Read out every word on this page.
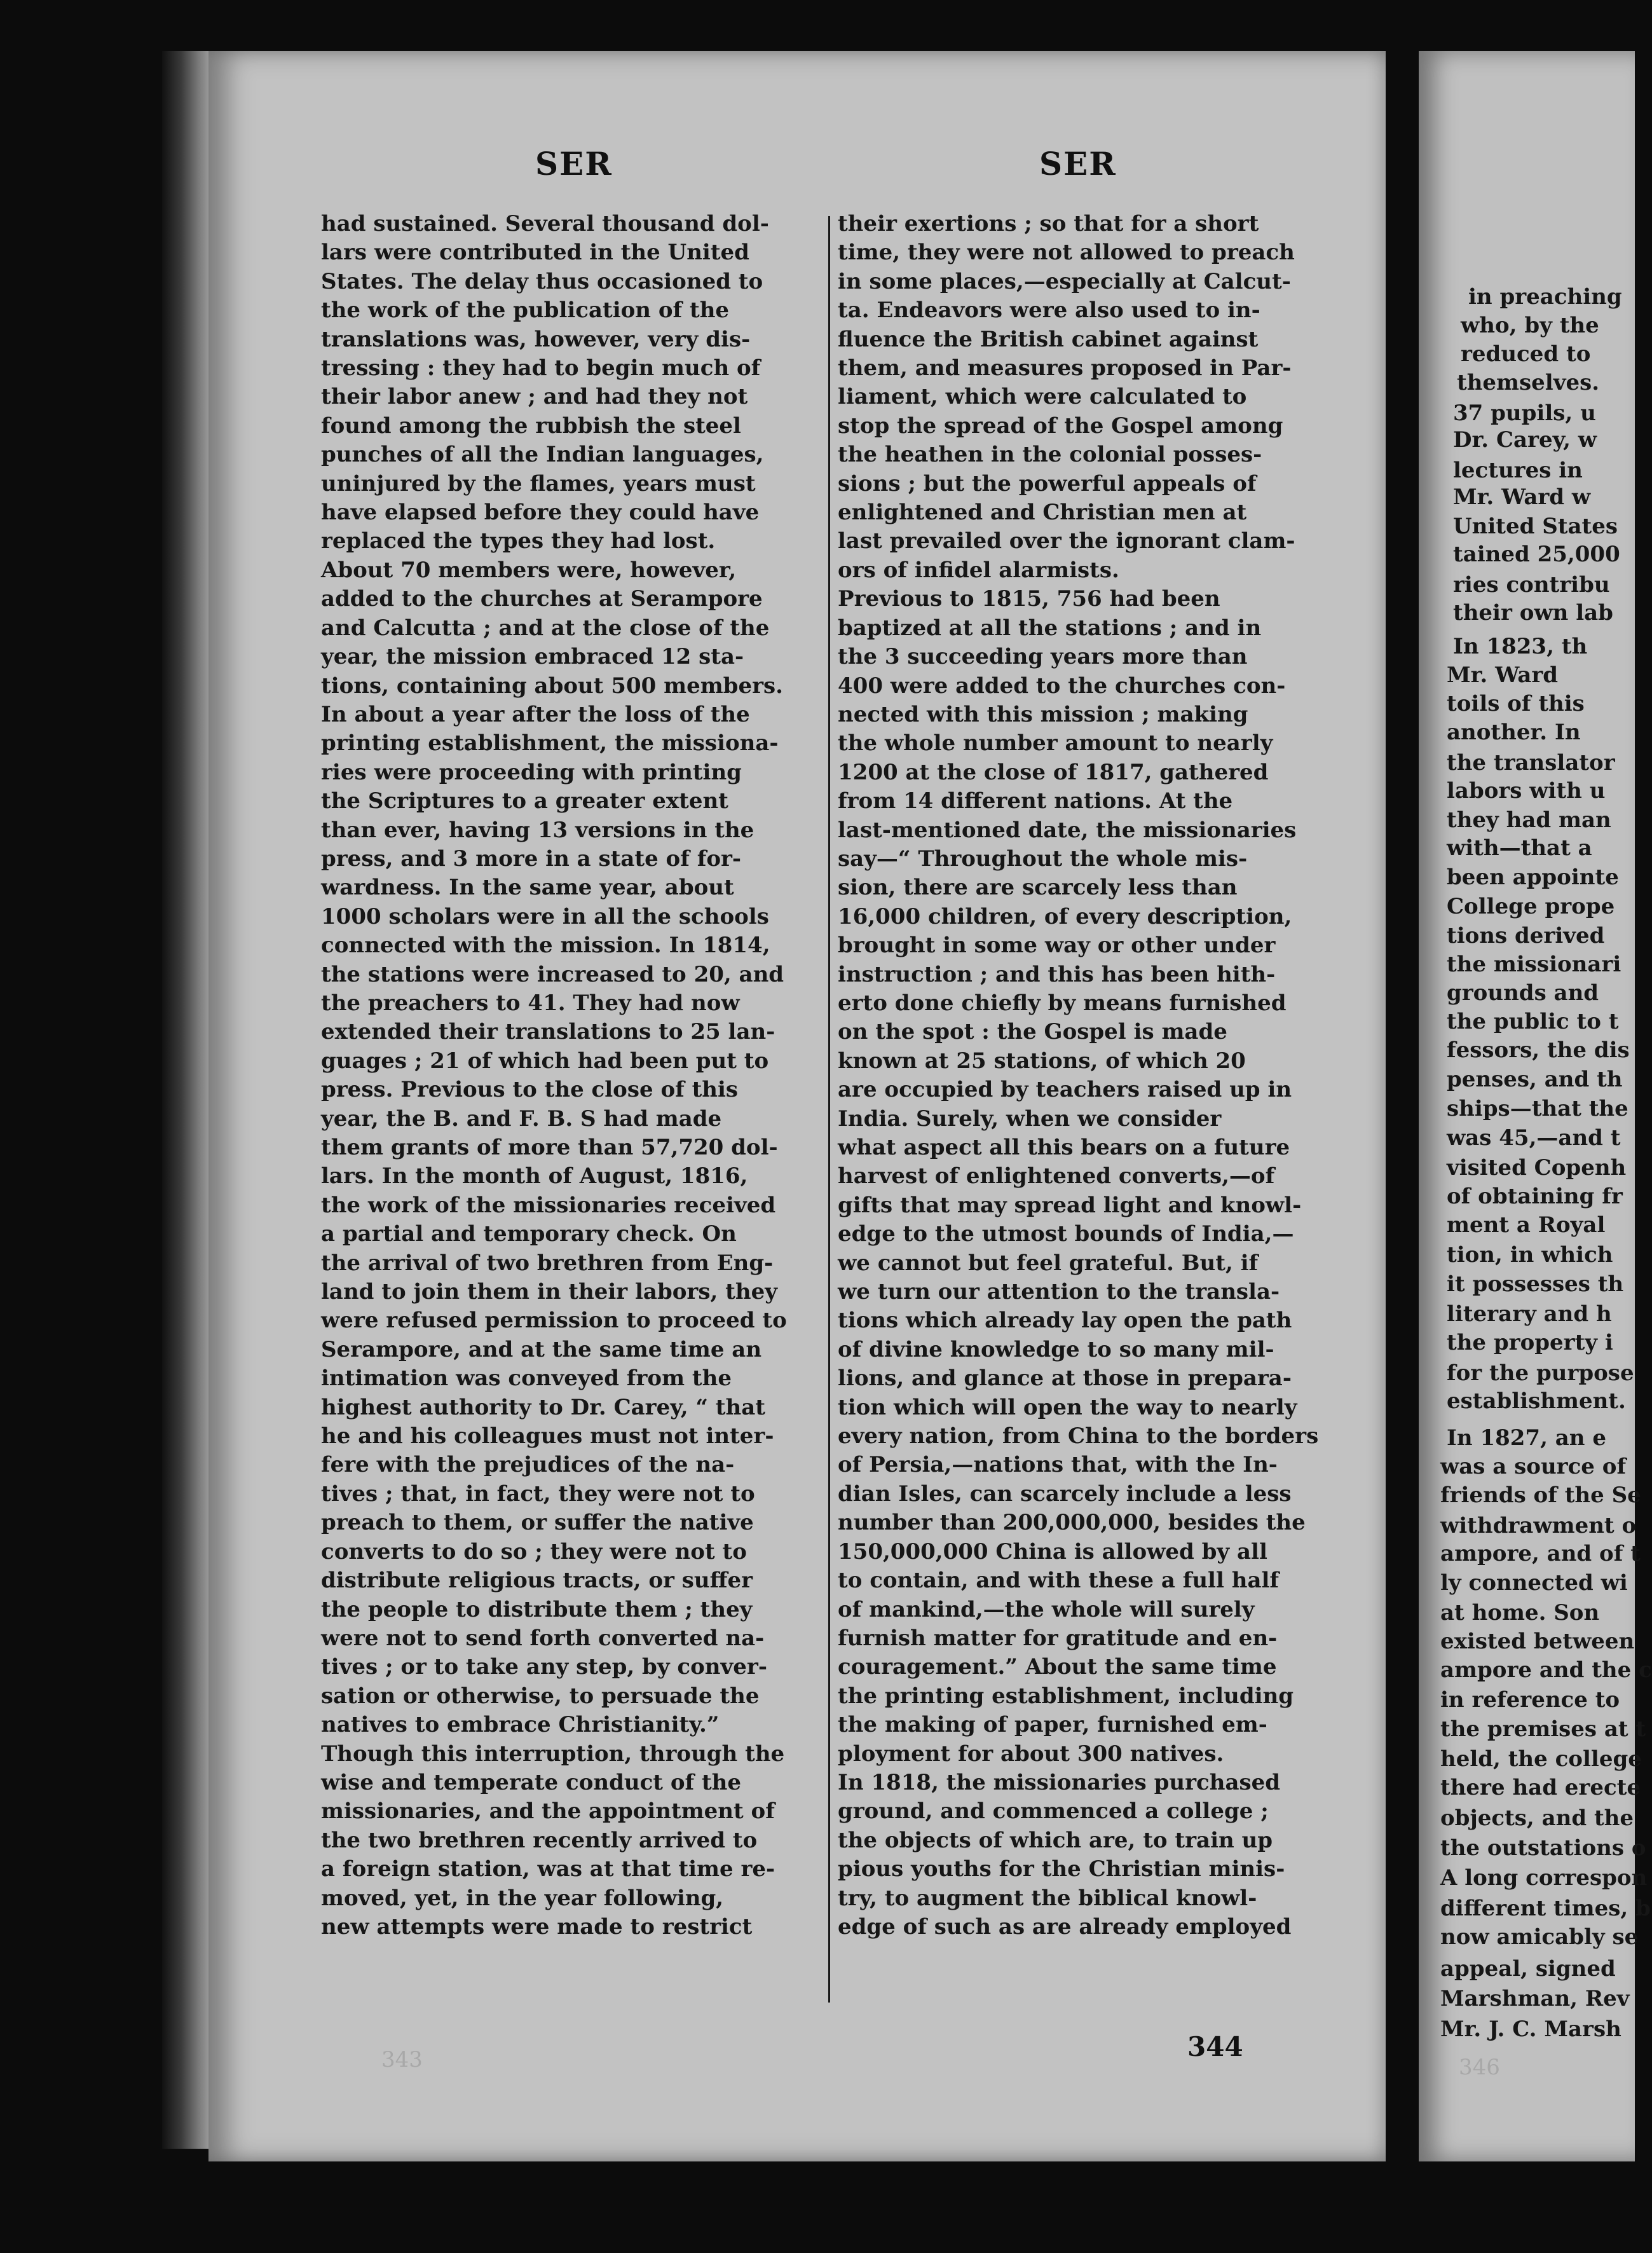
in preaching
who, by the
reduced to
themselves.
37 pupils, u
Dr. Carey, w
lectures in
Mr. Ward w
United States
tained 25,000
ries contribu
their own lab
In 1823, th
Mr. Ward
toils of this
another. In
the translator
labors with u
they had man
with—that a
been appointe
College prope
tions derived
the missionari
grounds and
the public to t
fessors, the dis
penses, and th
ships—that the
was 45,—and t
visited Copenh
of obtaining fr
ment a Royal
tion, in which
it possesses th
literary and h
the property i
for the purpose
establishment.
In 1827, an e
was a source of
friends of the Se
withdrawment o
ampore, and of t
ly connected wi
at home. Son
existed between
ampore and the c
in reference to
the premises at t
held, the college
there had erecte
objects, and the
the outstations o
A long correspon
different times, b
now amicably se
appeal, signed
Marshman, Rev
Mr. J. C. Marsh
SER	SER
had sustained. Several thousand dol-
lars were contributed in the United
States. The delay thus occasioned to
the work of the publication of the
translations was, however, very dis-
tressing : they had to begin much of
their labor anew ; and had they not
found among the rubbish the steel
punches of all the Indian languages,
uninjured by the flames, years must
have elapsed before they could have
replaced the types they had lost.
About 70 members were, however,
added to the churches at Serampore
and Calcutta ; and at the close of the
year, the mission embraced 12 sta-
tions, containing about 500 members.
In about a year after the loss of the
printing establishment, the missiona-
ries were proceeding with printing
the Scriptures to a greater extent
than ever, having 13 versions in the
press, and 3 more in a state of for-
wardness. In the same year, about
1000 scholars were in all the schools
connected with the mission. In 1814,
the stations were increased to 20, and
the preachers to 41. They had now
extended their translations to 25 lan-
guages ; 21 of which had been put to
press. Previous to the close of this
year, the B. and F. B. S had made
them grants of more than 57,720 dol-
lars. In the month of August, 1816,
the work of the missionaries received
a partial and temporary check. On
the arrival of two brethren from Eng-
land to join them in their labors, they
were refused permission to proceed to
Serampore, and at the same time an
intimation was conveyed from the
highest authority to Dr. Carey, “ that
he and his colleagues must not inter-
fere with the prejudices of the na-
tives ; that, in fact, they were not to
preach to them, or suffer the native
converts to do so ; they were not to
distribute religious tracts, or suffer
the people to distribute them ; they
were not to send forth converted na-
tives ; or to take any step, by conver-
sation or otherwise, to persuade the
natives to embrace Christianity.”
Though this interruption, through the
wise and temperate conduct of the
missionaries, and the appointment of
the two brethren recently arrived to
a foreign station, was at that time re-
moved, yet, in the year following,
new attempts were made to restrict
their exertions ; so that for a short
time, they were not allowed to preach
in some places,—especially at Calcut-
ta. Endeavors were also used to in-
fluence the British cabinet against
them, and measures proposed in Par-
liament, which were calculated to
stop the spread of the Gospel among
the heathen in the colonial posses-
sions ; but the powerful appeals of
enlightened and Christian men at
last prevailed over the ignorant clam-
ors of infidel alarmists.
Previous to 1815, 756 had been
baptized at all the stations ; and in
the 3 succeeding years more than
400 were added to the churches con-
nected with this mission ; making
the whole number amount to nearly
1200 at the close of 1817, gathered
from 14 different nations. At the
last-mentioned date, the missionaries
say—“ Throughout the whole mis-
sion, there are scarcely less than
16,000 children, of every description,
brought in some way or other under
instruction ; and this has been hith-
erto done chiefly by means furnished
on the spot : the Gospel is made
known at 25 stations, of which 20
are occupied by teachers raised up in
India. Surely, when we consider
what aspect all this bears on a future
harvest of enlightened converts,—of
gifts that may spread light and knowl-
edge to the utmost bounds of India,—
we cannot but feel grateful. But, if
we turn our attention to the transla-
tions which already lay open the path
of divine knowledge to so many mil-
lions, and glance at those in prepara-
tion which will open the way to nearly
every nation, from China to the borders
of Persia,—nations that, with the In-
dian Isles, can scarcely include a less
number than 200,000,000, besides the
150,000,000 China is allowed by all
to contain, and with these a full half
of mankind,—the whole will surely
furnish matter for gratitude and en-
couragement.” About the same time
the printing establishment, including
the making of paper, furnished em-
ployment for about 300 natives.
In 1818, the missionaries purchased
ground, and commenced a college ;
the objects of which are, to train up
pious youths for the Christian minis-
try, to augment the biblical knowl-
edge of such as are already employed
344
343	346
